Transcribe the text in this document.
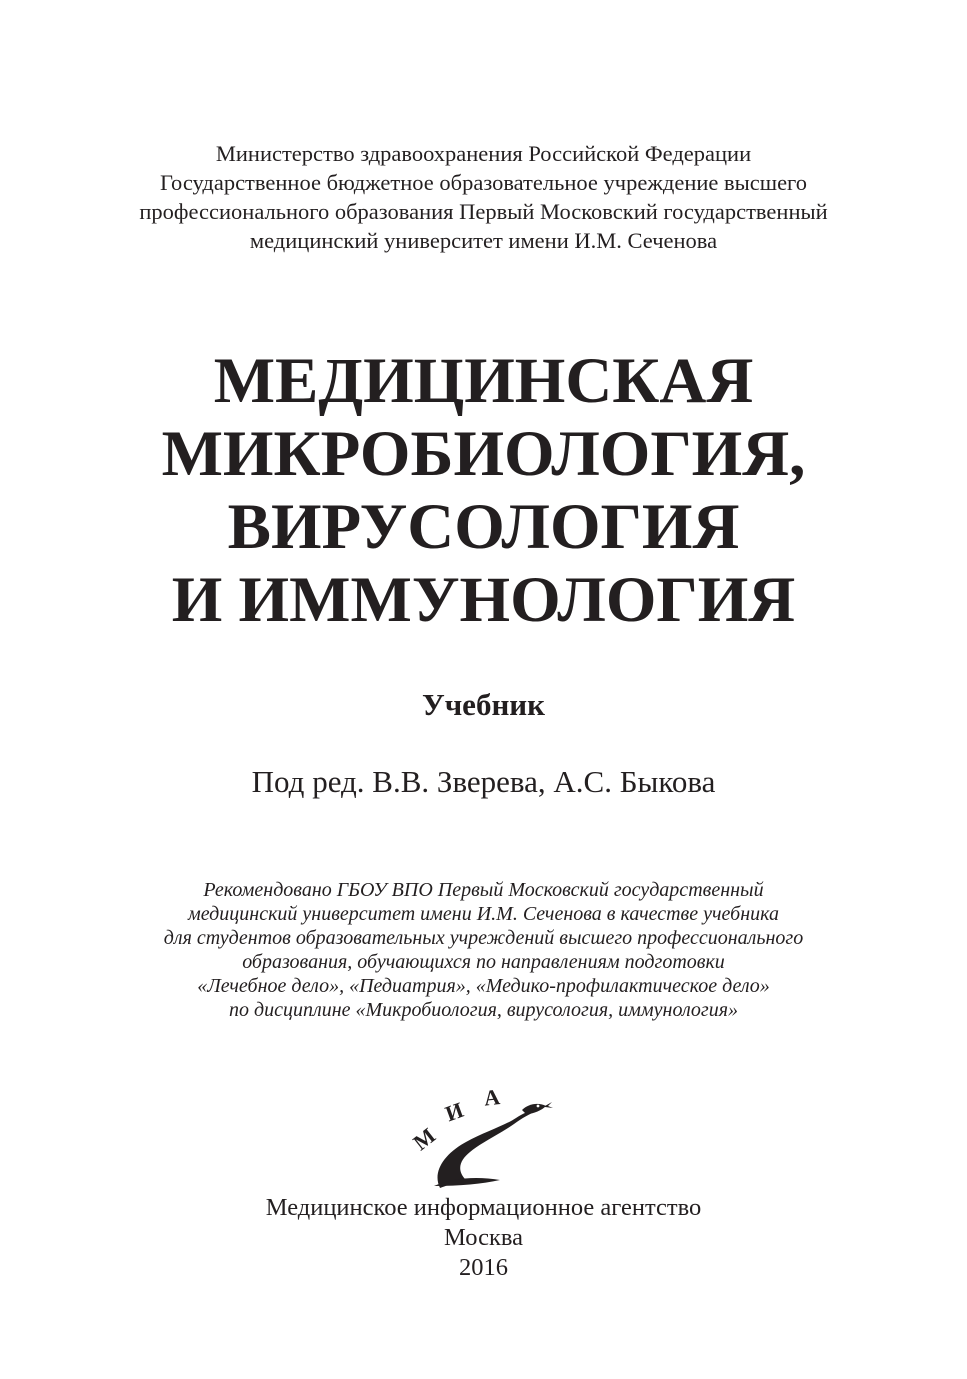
Министерство здравоохранения Российской Федерации
Государственное бюджетное образовательное учреждение высшего
профессионального образования Первый Московский государственный
медицинский университет имени И.М. Сеченова
МЕДИЦИНСКАЯ
МИКРОБИОЛОГИЯ,
ВИРУСОЛОГИЯ
И ИММУНОЛОГИЯ
Учебник
Под ред. В.В. Зверева, А.С. Быкова
Рекомендовано ГБОУ ВПО Первый Московский государственный
медицинский университет имени И.М. Сеченова в качестве учебника
для студентов образовательных учреждений высшего профессионального
образования, обучающихся по направлениям подготовки
«Лечебное дело», «Педиатрия», «Медико-профилактическое дело»
по дисциплине «Микробиология, вирусология, иммунология»
М
И А
Медицинское информационное агентство
Москва
2016
